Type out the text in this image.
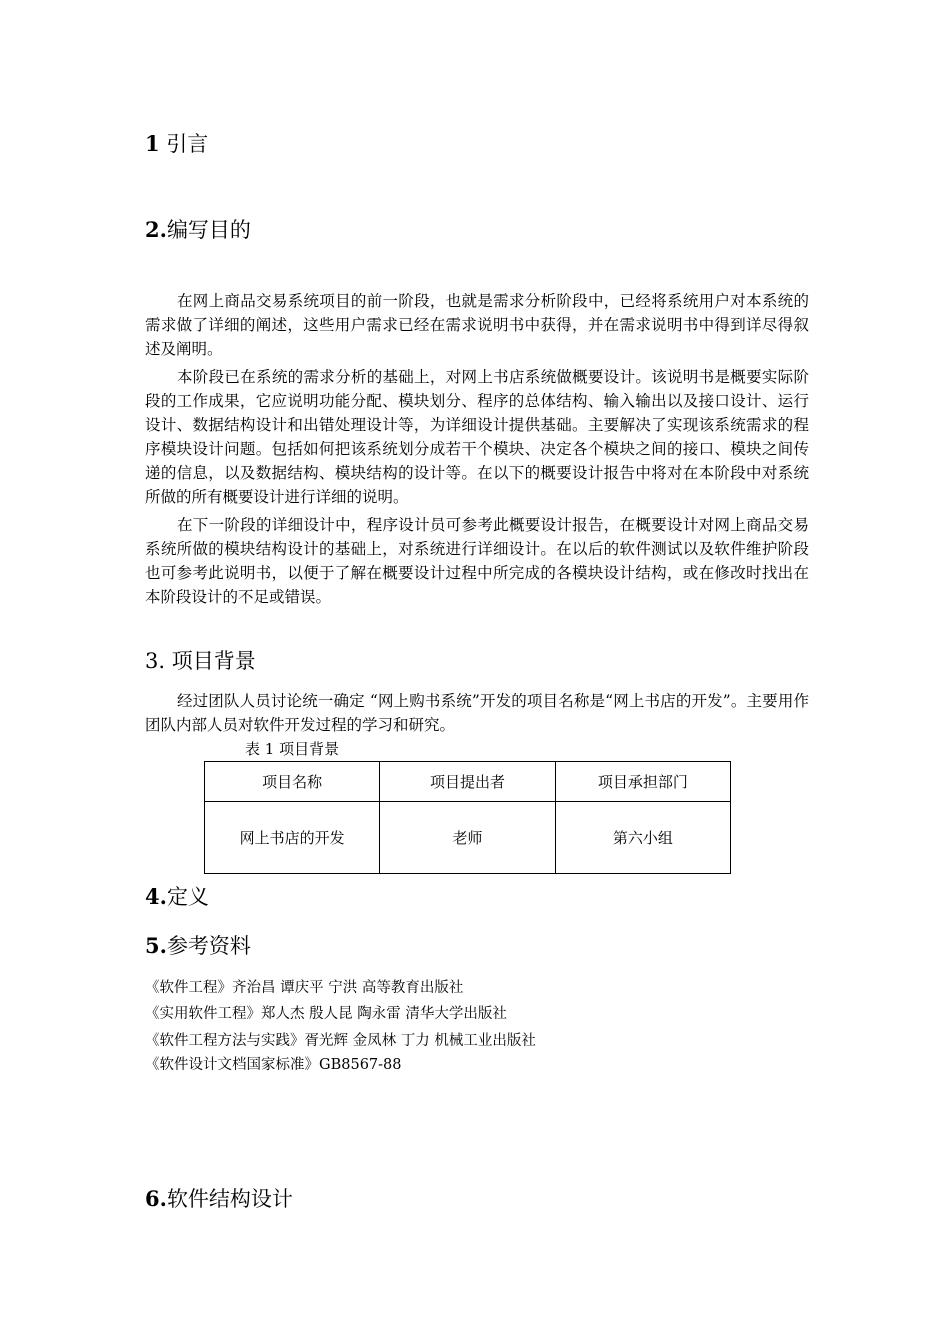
1 引言
2.编写目的

在网上商品交易系统项目的前一阶段，也就是需求分析阶段中，已经将系统用户对本系统的需求做了详细的阐述，这些用户需求已经在需求说明书中获得，并在需求说明书中得到详尽得叙述及阐明。

本阶段已在系统的需求分析的基础上，对网上书店系统做概要设计。该说明书是概要实际阶段的工作成果，它应说明功能分配、模块划分、程序的总体结构、输入输出以及接口设计、运行设计、数据结构设计和出错处理设计等，为详细设计提供基础。主要解决了实现该系统需求的程序模块设计问题。包括如何把该系统划分成若干个模块、决定各个模块之间的接口、模块之间传递的信息，以及数据结构、模块结构的设计等。在以下的概要设计报告中将对在本阶段中对系统所做的所有概要设计进行详细的说明。

在下一阶段的详细设计中，程序设计员可参考此概要设计报告，在概要设计对网上商品交易系统所做的模块结构设计的基础上，对系统进行详细设计。在以后的软件测试以及软件维护阶段也可参考此说明书，以便于了解在概要设计过程中所完成的各模块设计结构，或在修改时找出在本阶段设计的不足或错误。

3. 项目背景

经过团队人员讨论统一确定 “网上购书系统”开发的项目名称是“网上书店的开发”。主要用作团队内部人员对软件开发过程的学习和研究。

表 1 项目背景
项目名称	项目提出者	项目承担部门
网上书店的开发	老师	第六小组
4.定义
5.参考资料
《软件工程》齐治昌 谭庆平 宁洪 高等教育出版社
《实用软件工程》郑人杰 殷人昆 陶永雷 清华大学出版社
《软件工程方法与实践》胥光辉 金凤林 丁力 机械工业出版社
《软件设计文档国家标准》GB8567-88
6.软件结构设计
